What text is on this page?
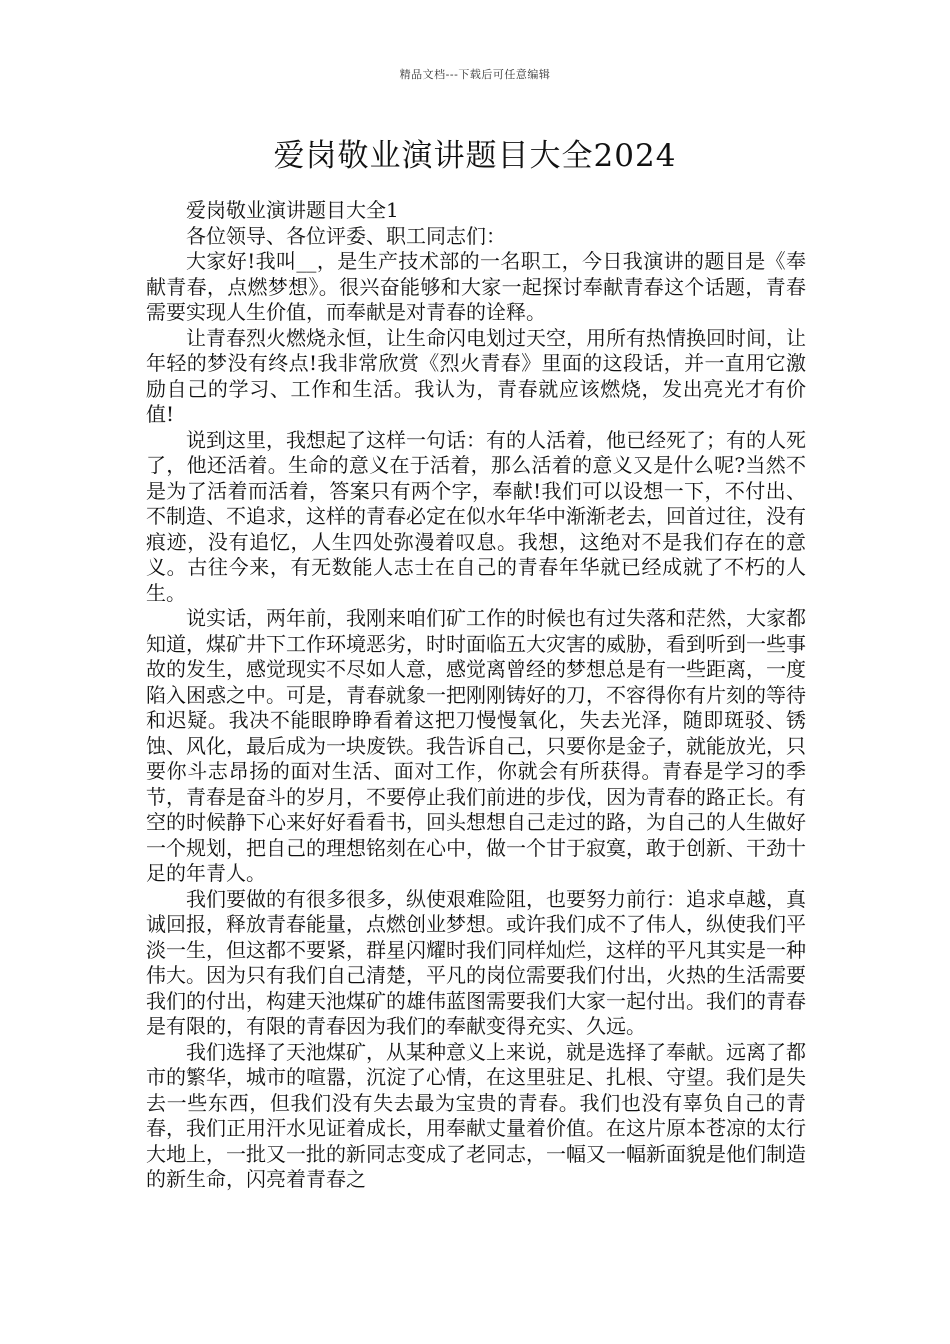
精品文档---下载后可任意编辑
爱岗敬业演讲题目大全2024

爱岗敬业演讲题目大全1

各位领导、各位评委、职工同志们：

大家好!我叫__，是生产技术部的一名职工，今日我演讲的题目是《奉献青春，点燃梦想》。很兴奋能够和大家一起探讨奉献青春这个话题，青春需要实现人生价值，而奉献是对青春的诠释。

让青春烈火燃烧永恒，让生命闪电划过天空，用所有热情换回时间，让年轻的梦没有终点!我非常欣赏《烈火青春》里面的这段话，并一直用它激励自己的学习、工作和生活。我认为，青春就应该燃烧，发出亮光才有价值!

说到这里，我想起了这样一句话：有的人活着，他已经死了；有的人死了，他还活着。生命的意义在于活着，那么活着的意义又是什么呢?当然不是为了活着而活着，答案只有两个字，奉献!我们可以设想一下，不付出、不制造、不追求，这样的青春必定在似水年华中渐渐老去，回首过往，没有痕迹，没有追忆，人生四处弥漫着叹息。我想，这绝对不是我们存在的意义。古往今来，有无数能人志士在自己的青春年华就已经成就了不朽的人生。

说实话，两年前，我刚来咱们矿工作的时候也有过失落和茫然，大家都知道，煤矿井下工作环境恶劣，时时面临五大灾害的威胁，看到听到一些事故的发生，感觉现实不尽如人意，感觉离曾经的梦想总是有一些距离，一度陷入困惑之中。可是，青春就象一把刚刚铸好的刀，不容得你有片刻的等待和迟疑。我决不能眼睁睁看着这把刀慢慢氧化，失去光泽，随即斑驳、锈蚀、风化，最后成为一块废铁。我告诉自己，只要你是金子，就能放光，只要你斗志昂扬的面对生活、面对工作，你就会有所获得。青春是学习的季节，青春是奋斗的岁月，不要停止我们前进的步伐，因为青春的路正长。有空的时候静下心来好好看看书，回头想想自己走过的路，为自己的人生做好一个规划，把自己的理想铭刻在心中，做一个甘于寂寞，敢于创新、干劲十足的年青人。

我们要做的有很多很多，纵使艰难险阻，也要努力前行：追求卓越，真诚回报，释放青春能量，点燃创业梦想。或许我们成不了伟人，纵使我们平淡一生，但这都不要紧，群星闪耀时我们同样灿烂，这样的平凡其实是一种伟大。因为只有我们自己清楚，平凡的岗位需要我们付出，火热的生活需要我们的付出，构建天池煤矿的雄伟蓝图需要我们大家一起付出。我们的青春是有限的，有限的青春因为我们的奉献变得充实、久远。

我们选择了天池煤矿，从某种意义上来说，就是选择了奉献。远离了都市的繁华，城市的喧嚣，沉淀了心情，在这里驻足、扎根、守望。我们是失去一些东西，但我们没有失去最为宝贵的青春。我们也没有辜负自己的青春，我们正用汗水见证着成长，用奉献丈量着价值。在这片原本苍凉的太行大地上，一批又一批的新同志变成了老同志，一幅又一幅新面貌是他们制造的新生命，闪亮着青春之
